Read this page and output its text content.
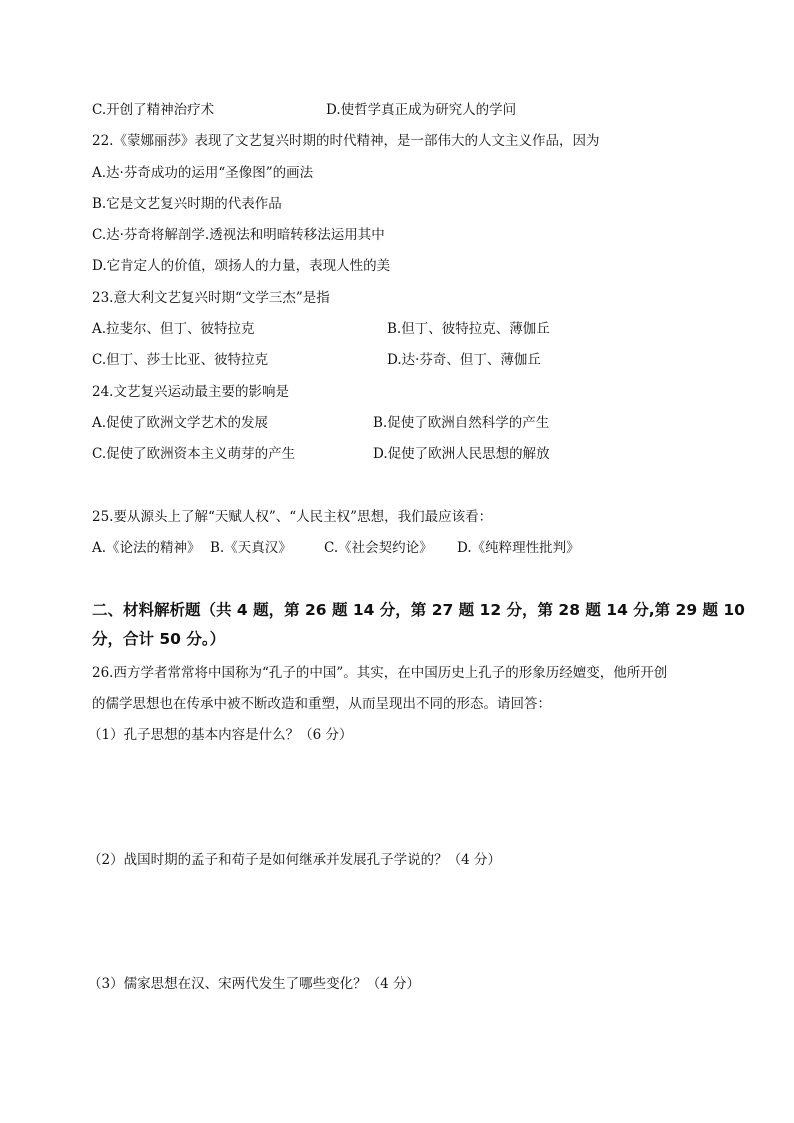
C.开创了精神治疗术	D.使哲学真正成为研究人的学问
22.《蒙娜丽莎》表现了文艺复兴时期的时代精神，是一部伟大的人文主义作品，因为
A.达·芬奇成功的运用“圣像图”的画法
B.它是文艺复兴时期的代表作品
C.达·芬奇将解剖学.透视法和明暗转移法运用其中
D.它肯定人的价值，颂扬人的力量，表现人性的美
23.意大利文艺复兴时期“文学三杰”是指
A.拉斐尔、但丁、彼特拉克	B.但丁、彼特拉克、薄伽丘
C.但丁、莎士比亚、彼特拉克	D.达·芬奇、但丁、薄伽丘
24.文艺复兴运动最主要的影响是
A.促使了欧洲文学艺术的发展	B.促使了欧洲自然科学的产生
C.促使了欧洲资本主义萌芽的产生	D.促使了欧洲人民思想的解放
25.要从源头上了解“天赋人权”、“人民主权”思想，我们最应该看：
A.《论法的精神》 B.《天真汉》 C.《社会契约论》 D.《纯粹理性批判》
二、材料解析题（共 4 题，第 26 题 14 分，第 27 题 12 分，第 28 题 14 分,第 29 题 10
分，合计 50 分。）
26.西方学者常常将中国称为“孔子的中国”。其实，在中国历史上孔子的形象历经嬗变，他所开创
的儒学思想也在传承中被不断改造和重塑，从而呈现出不同的形态。请回答：
（1）孔子思想的基本内容是什么？（6 分）
（2）战国时期的孟子和荀子是如何继承并发展孔子学说的？（4 分）
（3）儒家思想在汉、宋两代发生了哪些变化？（4 分）
